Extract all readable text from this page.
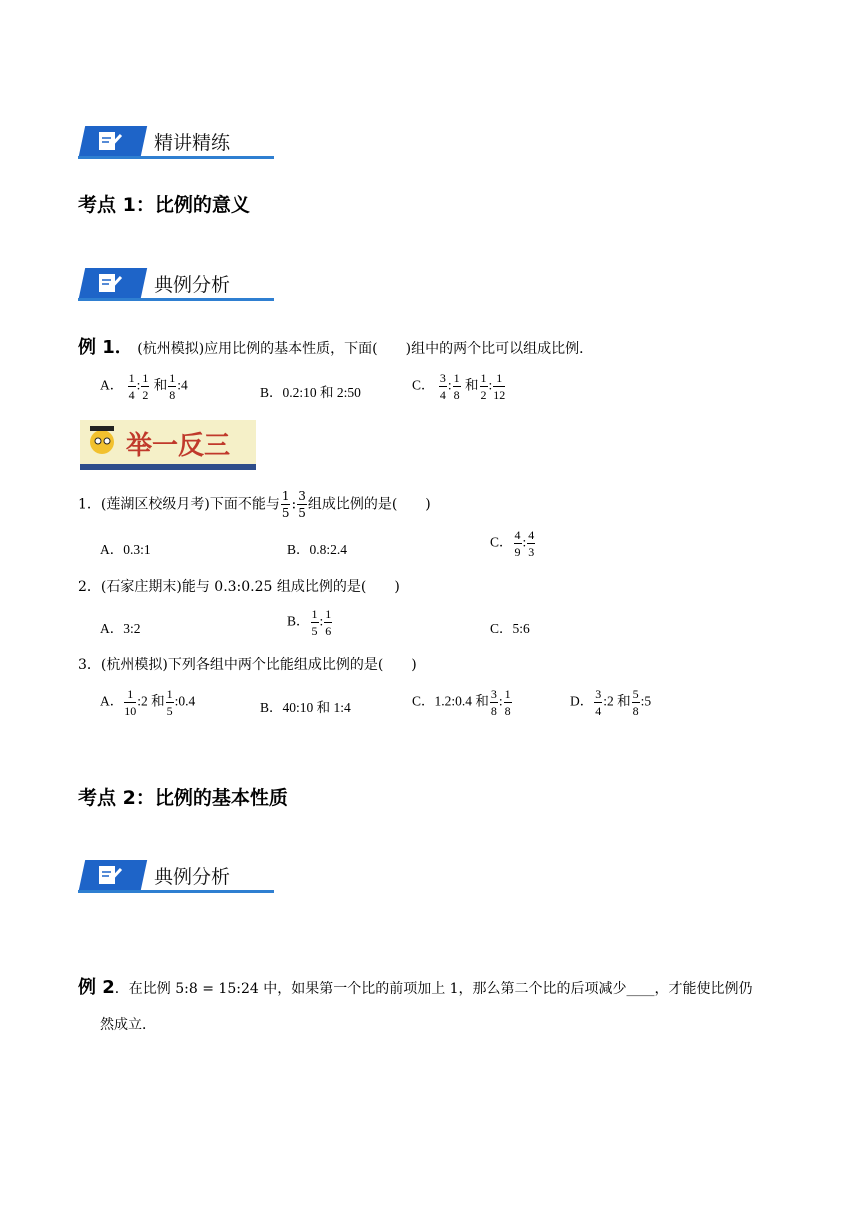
精讲精练
考点 1：比例的意义
典例分析
例 1． (杭州模拟)应用比例的基本性质，下面(　　)组中的两个比可以组成比例．
A． $\frac{1}{4}$ : $\frac{1}{2}$ 和 $\frac{1}{8}$ :4	B．0.2:10 和 2:50	C． $\frac{3}{4}$ : $\frac{1}{8}$ 和 $\frac{1}{2}$ : $\frac{1}{12}$
举一反三
1．(莲湖区校级月考)下面不能与 $\frac{1}{5}$ : $\frac{3}{5}$ 组成比例的是(　　)
A．0.3:1	B．0.8:2.4	C． $\frac{4}{9}$ : $\frac{4}{3}$
2．(石家庄期末)能与 0.3:0.25 组成比例的是(　　)
A．3:2	B． $\frac{1}{5}$ : $\frac{1}{6}$	C．5:6
3．(杭州模拟)下列各组中两个比能组成比例的是(　　)
A． $\frac{1}{10}$ :2 和 $\frac{1}{5}$ :0.4	B．40:10 和 1:4	C．1.2:0.4 和 $\frac{3}{8}$ : $\frac{1}{8}$	D． $\frac{3}{4}$ :2 和 $\frac{5}{8}$ :5
考点 2：比例的基本性质
典例分析
例 2．在比例 5:8 = 15:24 中，如果第一个比的前项加上 1，那么第二个比的后项减少____，才能使比例仍
然成立．
